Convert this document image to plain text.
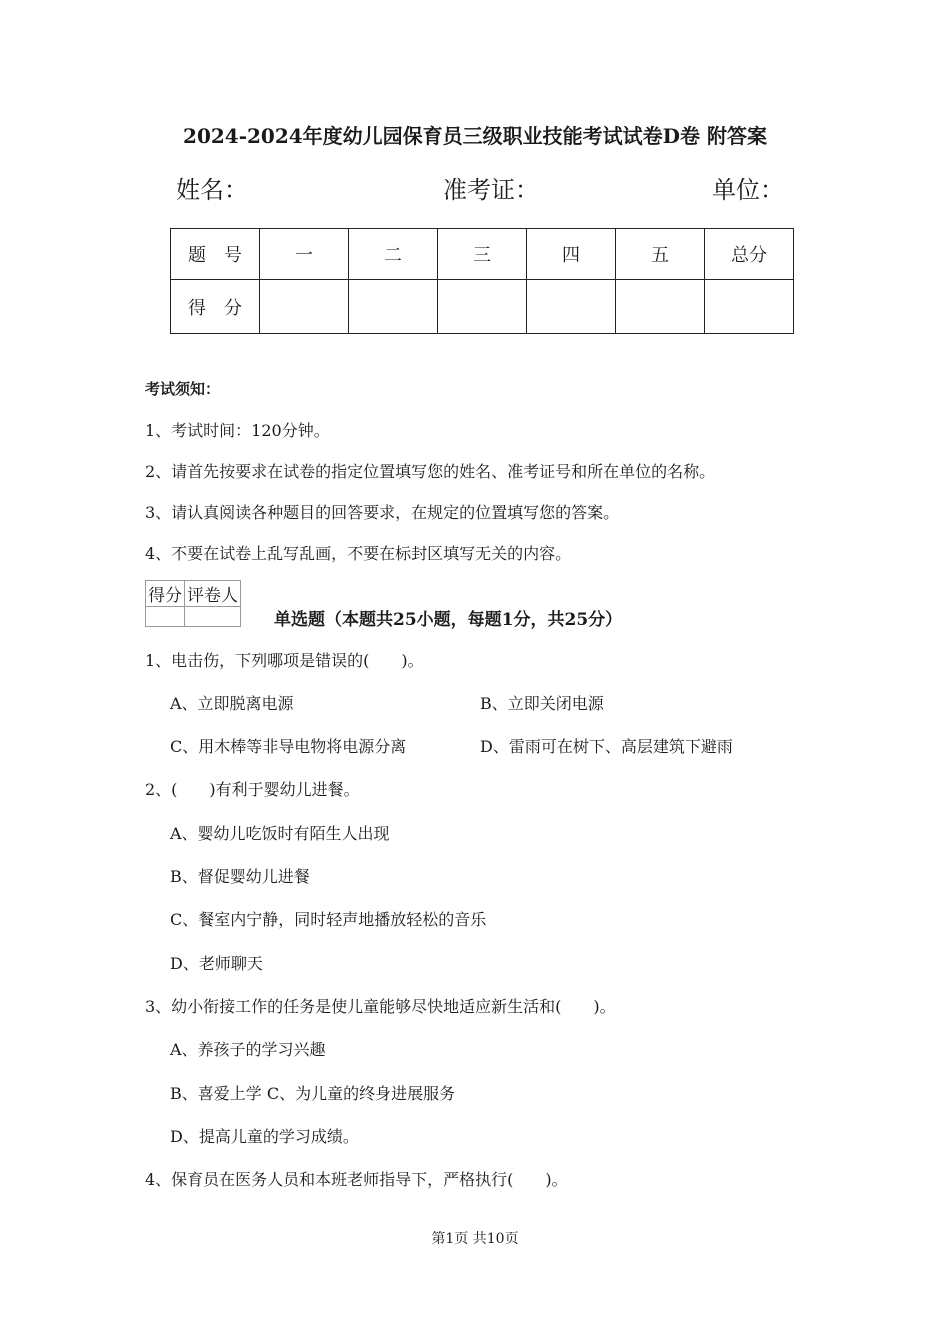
2024-2024年度幼儿园保育员三级职业技能考试试卷D卷 附答案
姓名：	准考证：	单位：
题　号	一	二	三	四	五	总分
得　分						
考试须知：
1、考试时间：120分钟。
2、请首先按要求在试卷的指定位置填写您的姓名、准考证号和所在单位的名称。
3、请认真阅读各种题目的回答要求，在规定的位置填写您的答案。
4、不要在试卷上乱写乱画，不要在标封区填写无关的内容。
得分	评卷人

单选题（本题共25小题，每题1分，共25分）
1、电击伤，下列哪项是错误的(　　)。
A、立即脱离电源	B、立即关闭电源
C、用木棒等非导电物将电源分离	D、雷雨可在树下、高层建筑下避雨
2、(　　)有利于婴幼儿进餐。
A、婴幼儿吃饭时有陌生人出现
B、督促婴幼儿进餐
C、餐室内宁静，同时轻声地播放轻松的音乐
D、老师聊天
3、幼小衔接工作的任务是使儿童能够尽快地适应新生活和(　　)。
A、养孩子的学习兴趣
B、喜爱上学 C、为儿童的终身进展服务
D、提高儿童的学习成绩。
4、保育员在医务人员和本班老师指导下，严格执行(　　)。
第1页 共10页
